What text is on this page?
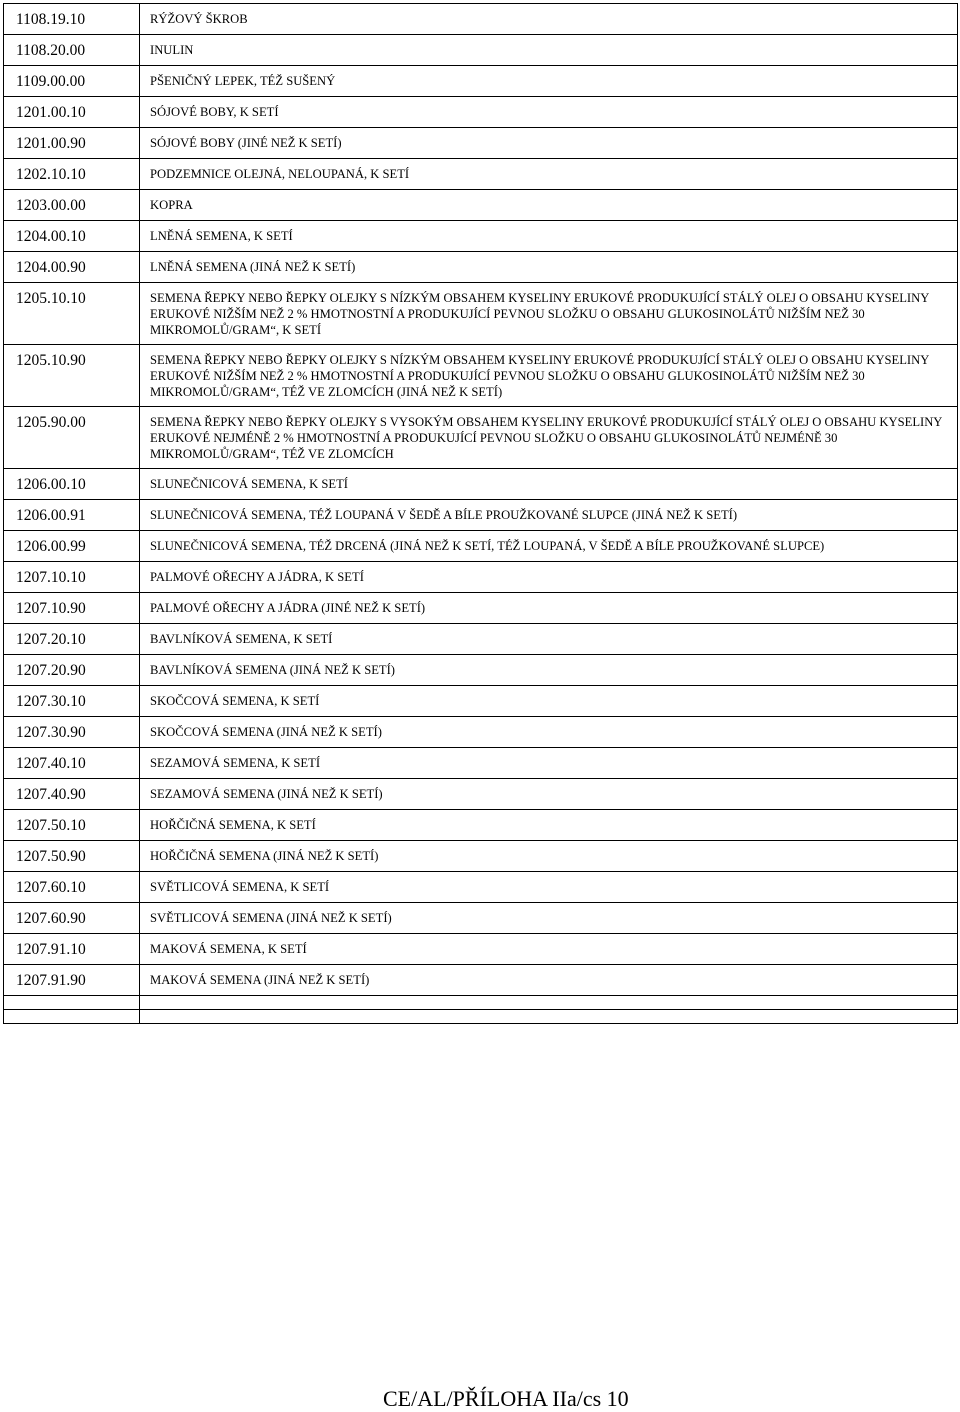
1108.19.10	RÝŽOVÝ ŠKROB
1108.20.00	INULIN
1109.00.00	PŠENIČNÝ LEPEK, TÉŽ SUŠENÝ
1201.00.10	SÓJOVÉ BOBY, K SETÍ
1201.00.90	SÓJOVÉ BOBY (JINÉ NEŽ K SETÍ)
1202.10.10	PODZEMNICE OLEJNÁ, NELOUPANÁ, K SETÍ
1203.00.00	KOPRA
1204.00.10	LNĚNÁ SEMENA, K SETÍ
1204.00.90	LNĚNÁ SEMENA (JINÁ NEŽ K SETÍ)
1205.10.10	SEMENA ŘEPKY NEBO ŘEPKY OLEJKY S NÍZKÝM OBSAHEM KYSELINY ERUKOVÉ PRODUKUJÍCÍ STÁLÝ OLEJ O OBSAHU KYSELINY ERUKOVÉ NIŽŠÍM NEŽ 2 % HMOTNOSTNÍ A PRODUKUJÍCÍ PEVNOU SLOŽKU O OBSAHU GLUKOSINOLÁTŮ NIŽŠÍM NEŽ 30 MIKROMOLŮ/GRAM“, K SETÍ
1205.10.90	SEMENA ŘEPKY NEBO ŘEPKY OLEJKY S NÍZKÝM OBSAHEM KYSELINY ERUKOVÉ PRODUKUJÍCÍ STÁLÝ OLEJ O OBSAHU KYSELINY ERUKOVÉ NIŽŠÍM NEŽ 2 % HMOTNOSTNÍ A PRODUKUJÍCÍ PEVNOU SLOŽKU O OBSAHU GLUKOSINOLÁTŮ NIŽŠÍM NEŽ 30 MIKROMOLŮ/GRAM“, TÉŽ VE ZLOMCÍCH (JINÁ NEŽ K SETÍ)
1205.90.00	SEMENA ŘEPKY NEBO ŘEPKY OLEJKY S VYSOKÝM OBSAHEM KYSELINY ERUKOVÉ PRODUKUJÍCÍ STÁLÝ OLEJ O OBSAHU KYSELINY ERUKOVÉ NEJMÉNĚ 2 % HMOTNOSTNÍ A PRODUKUJÍCÍ PEVNOU SLOŽKU O OBSAHU GLUKOSINOLÁTŮ NEJMÉNĚ 30 MIKROMOLŮ/GRAM“, TÉŽ VE ZLOMCÍCH
1206.00.10	SLUNEČNICOVÁ SEMENA, K SETÍ
1206.00.91	SLUNEČNICOVÁ SEMENA, TÉŽ LOUPANÁ V ŠEDĚ A BÍLE PROUŽKOVANÉ SLUPCE (JINÁ NEŽ K SETÍ)
1206.00.99	SLUNEČNICOVÁ SEMENA, TÉŽ DRCENÁ (JINÁ NEŽ K SETÍ, TÉŽ LOUPANÁ, V ŠEDĚ A BÍLE PROUŽKOVANÉ SLUPCE)
1207.10.10	PALMOVÉ OŘECHY A JÁDRA, K SETÍ
1207.10.90	PALMOVÉ OŘECHY A JÁDRA (JINÉ NEŽ K SETÍ)
1207.20.10	BAVLNÍKOVÁ SEMENA, K SETÍ
1207.20.90	BAVLNÍKOVÁ SEMENA (JINÁ NEŽ K SETÍ)
1207.30.10	SKOČCOVÁ SEMENA, K SETÍ
1207.30.90	SKOČCOVÁ SEMENA (JINÁ NEŽ K SETÍ)
1207.40.10	SEZAMOVÁ SEMENA, K SETÍ
1207.40.90	SEZAMOVÁ SEMENA (JINÁ NEŽ K SETÍ)
1207.50.10	HOŘČIČNÁ SEMENA, K SETÍ
1207.50.90	HOŘČIČNÁ SEMENA (JINÁ NEŽ K SETÍ)
1207.60.10	SVĚTLICOVÁ SEMENA, K SETÍ
1207.60.90	SVĚTLICOVÁ SEMENA (JINÁ NEŽ K SETÍ)
1207.91.10	MAKOVÁ SEMENA, K SETÍ
1207.91.90	MAKOVÁ SEMENA (JINÁ NEŽ K SETÍ)

CE/AL/PŘÍLOHA IIa/cs 10
